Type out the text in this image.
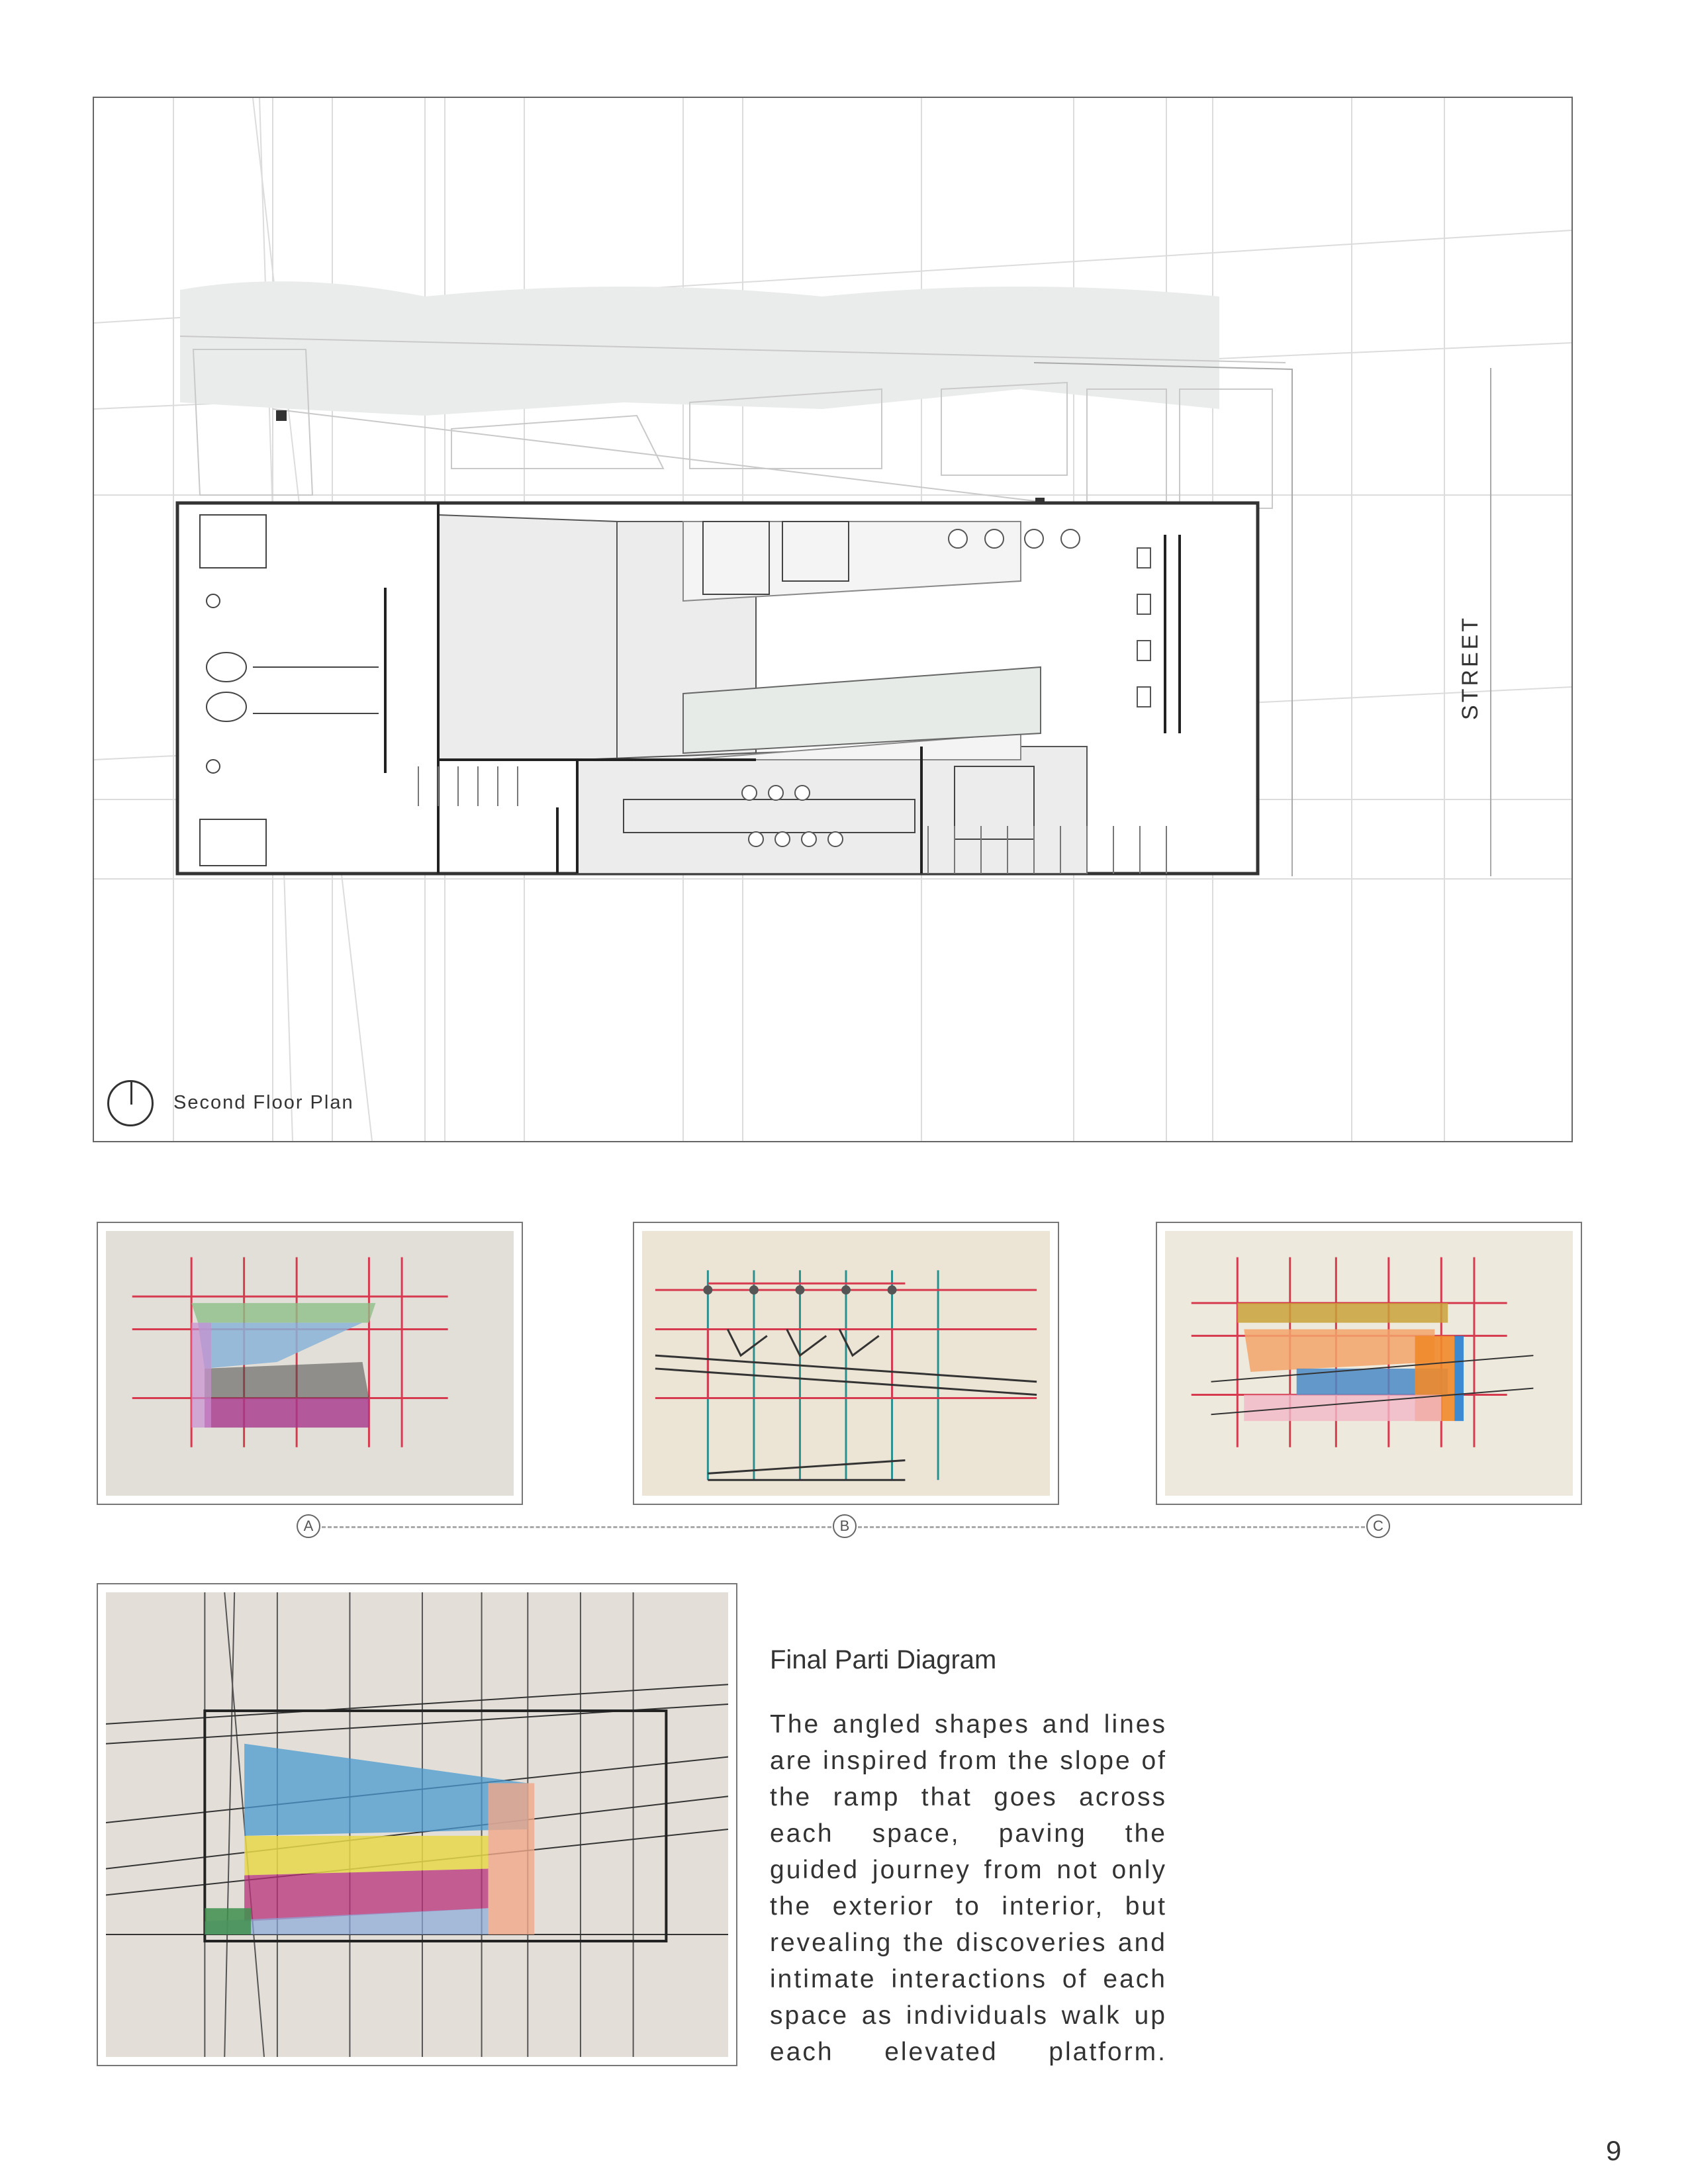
STREET
Second Floor Plan
A	B	C
Final Parti Diagram
The angled shapes and lines are inspired from the slope of the ramp that goes across each space, paving the guided journey from not only the exterior to interior, but revealing the discoveries and intimate interactions of each space as individuals walk up each elevated platform.
9
